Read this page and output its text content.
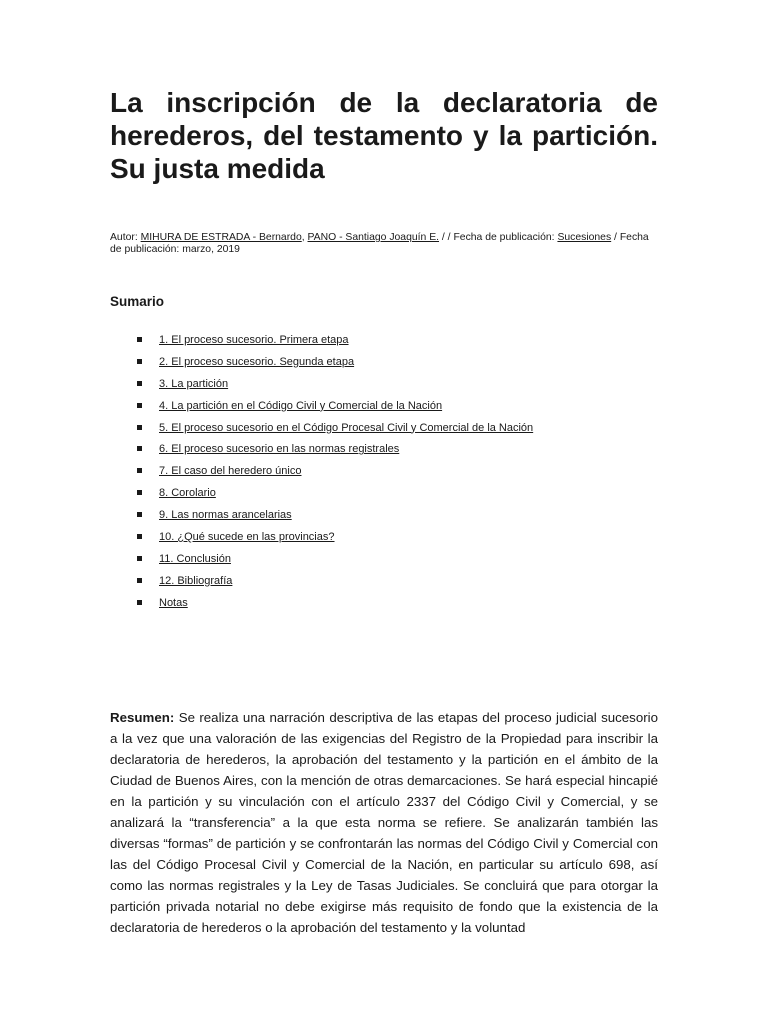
La inscripción de la declaratoria de herederos, del testamento y la partición. Su justa medida
Autor: MIHURA DE ESTRADA - Bernardo, PANO - Santiago Joaquín E. / / Fecha de publicación: Sucesiones / Fecha de publicación: marzo, 2019
Sumario
1. El proceso sucesorio. Primera etapa
2. El proceso sucesorio. Segunda etapa
3. La partición
4. La partición en el Código Civil y Comercial de la Nación
5. El proceso sucesorio en el Código Procesal Civil y Comercial de la Nación
6. El proceso sucesorio en las normas registrales
7. El caso del heredero único
8. Corolario
9. Las normas arancelarias
10. ¿Qué sucede en las provincias?
11. Conclusión
12. Bibliografía
Notas
Resumen: Se realiza una narración descriptiva de las etapas del proceso judicial sucesorio a la vez que una valoración de las exigencias del Registro de la Propiedad para inscribir la declaratoria de herederos, la aprobación del testamento y la partición en el ámbito de la Ciudad de Buenos Aires, con la mención de otras demarcaciones. Se hará especial hincapié en la partición y su vinculación con el artículo 2337 del Código Civil y Comercial, y se analizará la “transferencia” a la que esta norma se refiere. Se analizarán también las diversas “formas” de partición y se confrontarán las normas del Código Civil y Comercial con las del Código Procesal Civil y Comercial de la Nación, en particular su artículo 698, así como las normas registrales y la Ley de Tasas Judiciales. Se concluirá que para otorgar la partición privada notarial no debe exigirse más requisito de fondo que la existencia de la declaratoria de herederos o la aprobación del testamento y la voluntad
